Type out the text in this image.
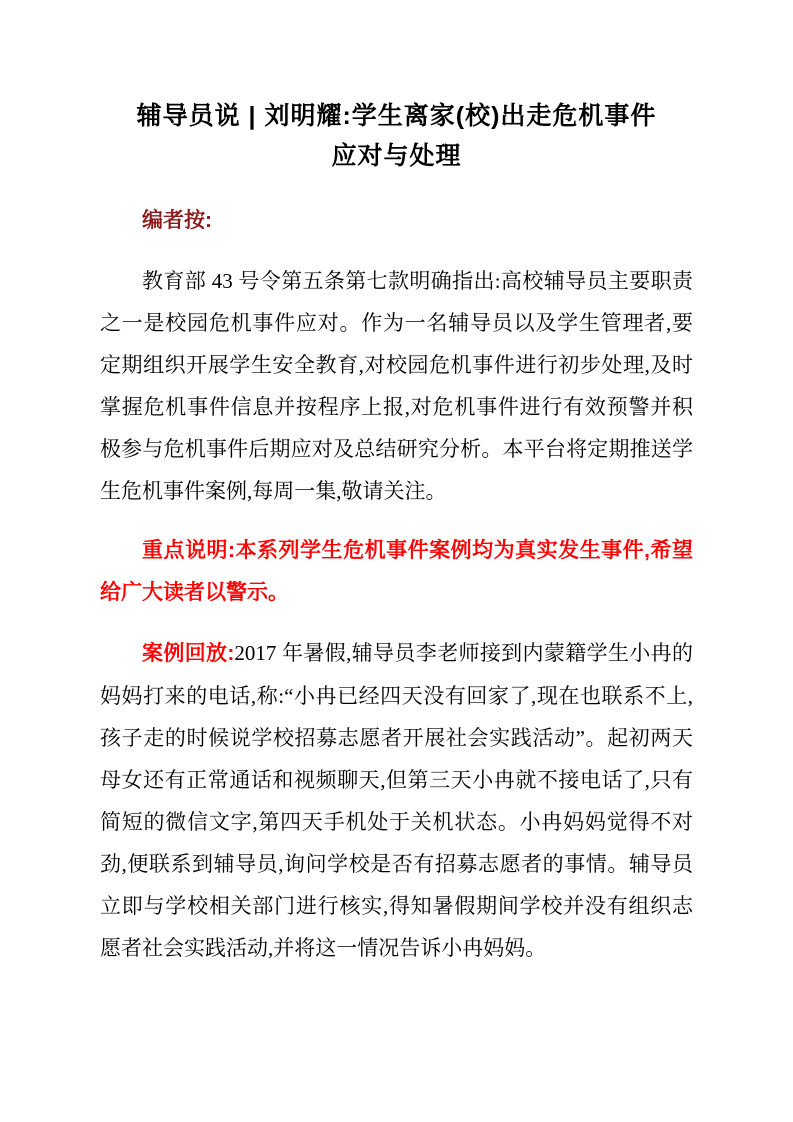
辅导员说 | 刘明耀:学生离家(校)出走危机事件
应对与处理

编者按:

教育部 43 号令第五条第七款明确指出:高校辅导员主要职责之一是校园危机事件应对。作为一名辅导员以及学生管理者,要定期组织开展学生安全教育,对校园危机事件进行初步处理,及时掌握危机事件信息并按程序上报,对危机事件进行有效预警并积极参与危机事件后期应对及总结研究分析。本平台将定期推送学生危机事件案例,每周一集,敬请关注。

重点说明:本系列学生危机事件案例均为真实发生事件,希望给广大读者以警示。

案例回放:2017 年暑假,辅导员李老师接到内蒙籍学生小冉的妈妈打来的电话,称:“小冉已经四天没有回家了,现在也联系不上,孩子走的时候说学校招募志愿者开展社会实践活动”。起初两天母女还有正常通话和视频聊天,但第三天小冉就不接电话了,只有简短的微信文字,第四天手机处于关机状态。小冉妈妈觉得不对劲,便联系到辅导员,询问学校是否有招募志愿者的事情。辅导员立即与学校相关部门进行核实,得知暑假期间学校并没有组织志愿者社会实践活动,并将这一情况告诉小冉妈妈。
